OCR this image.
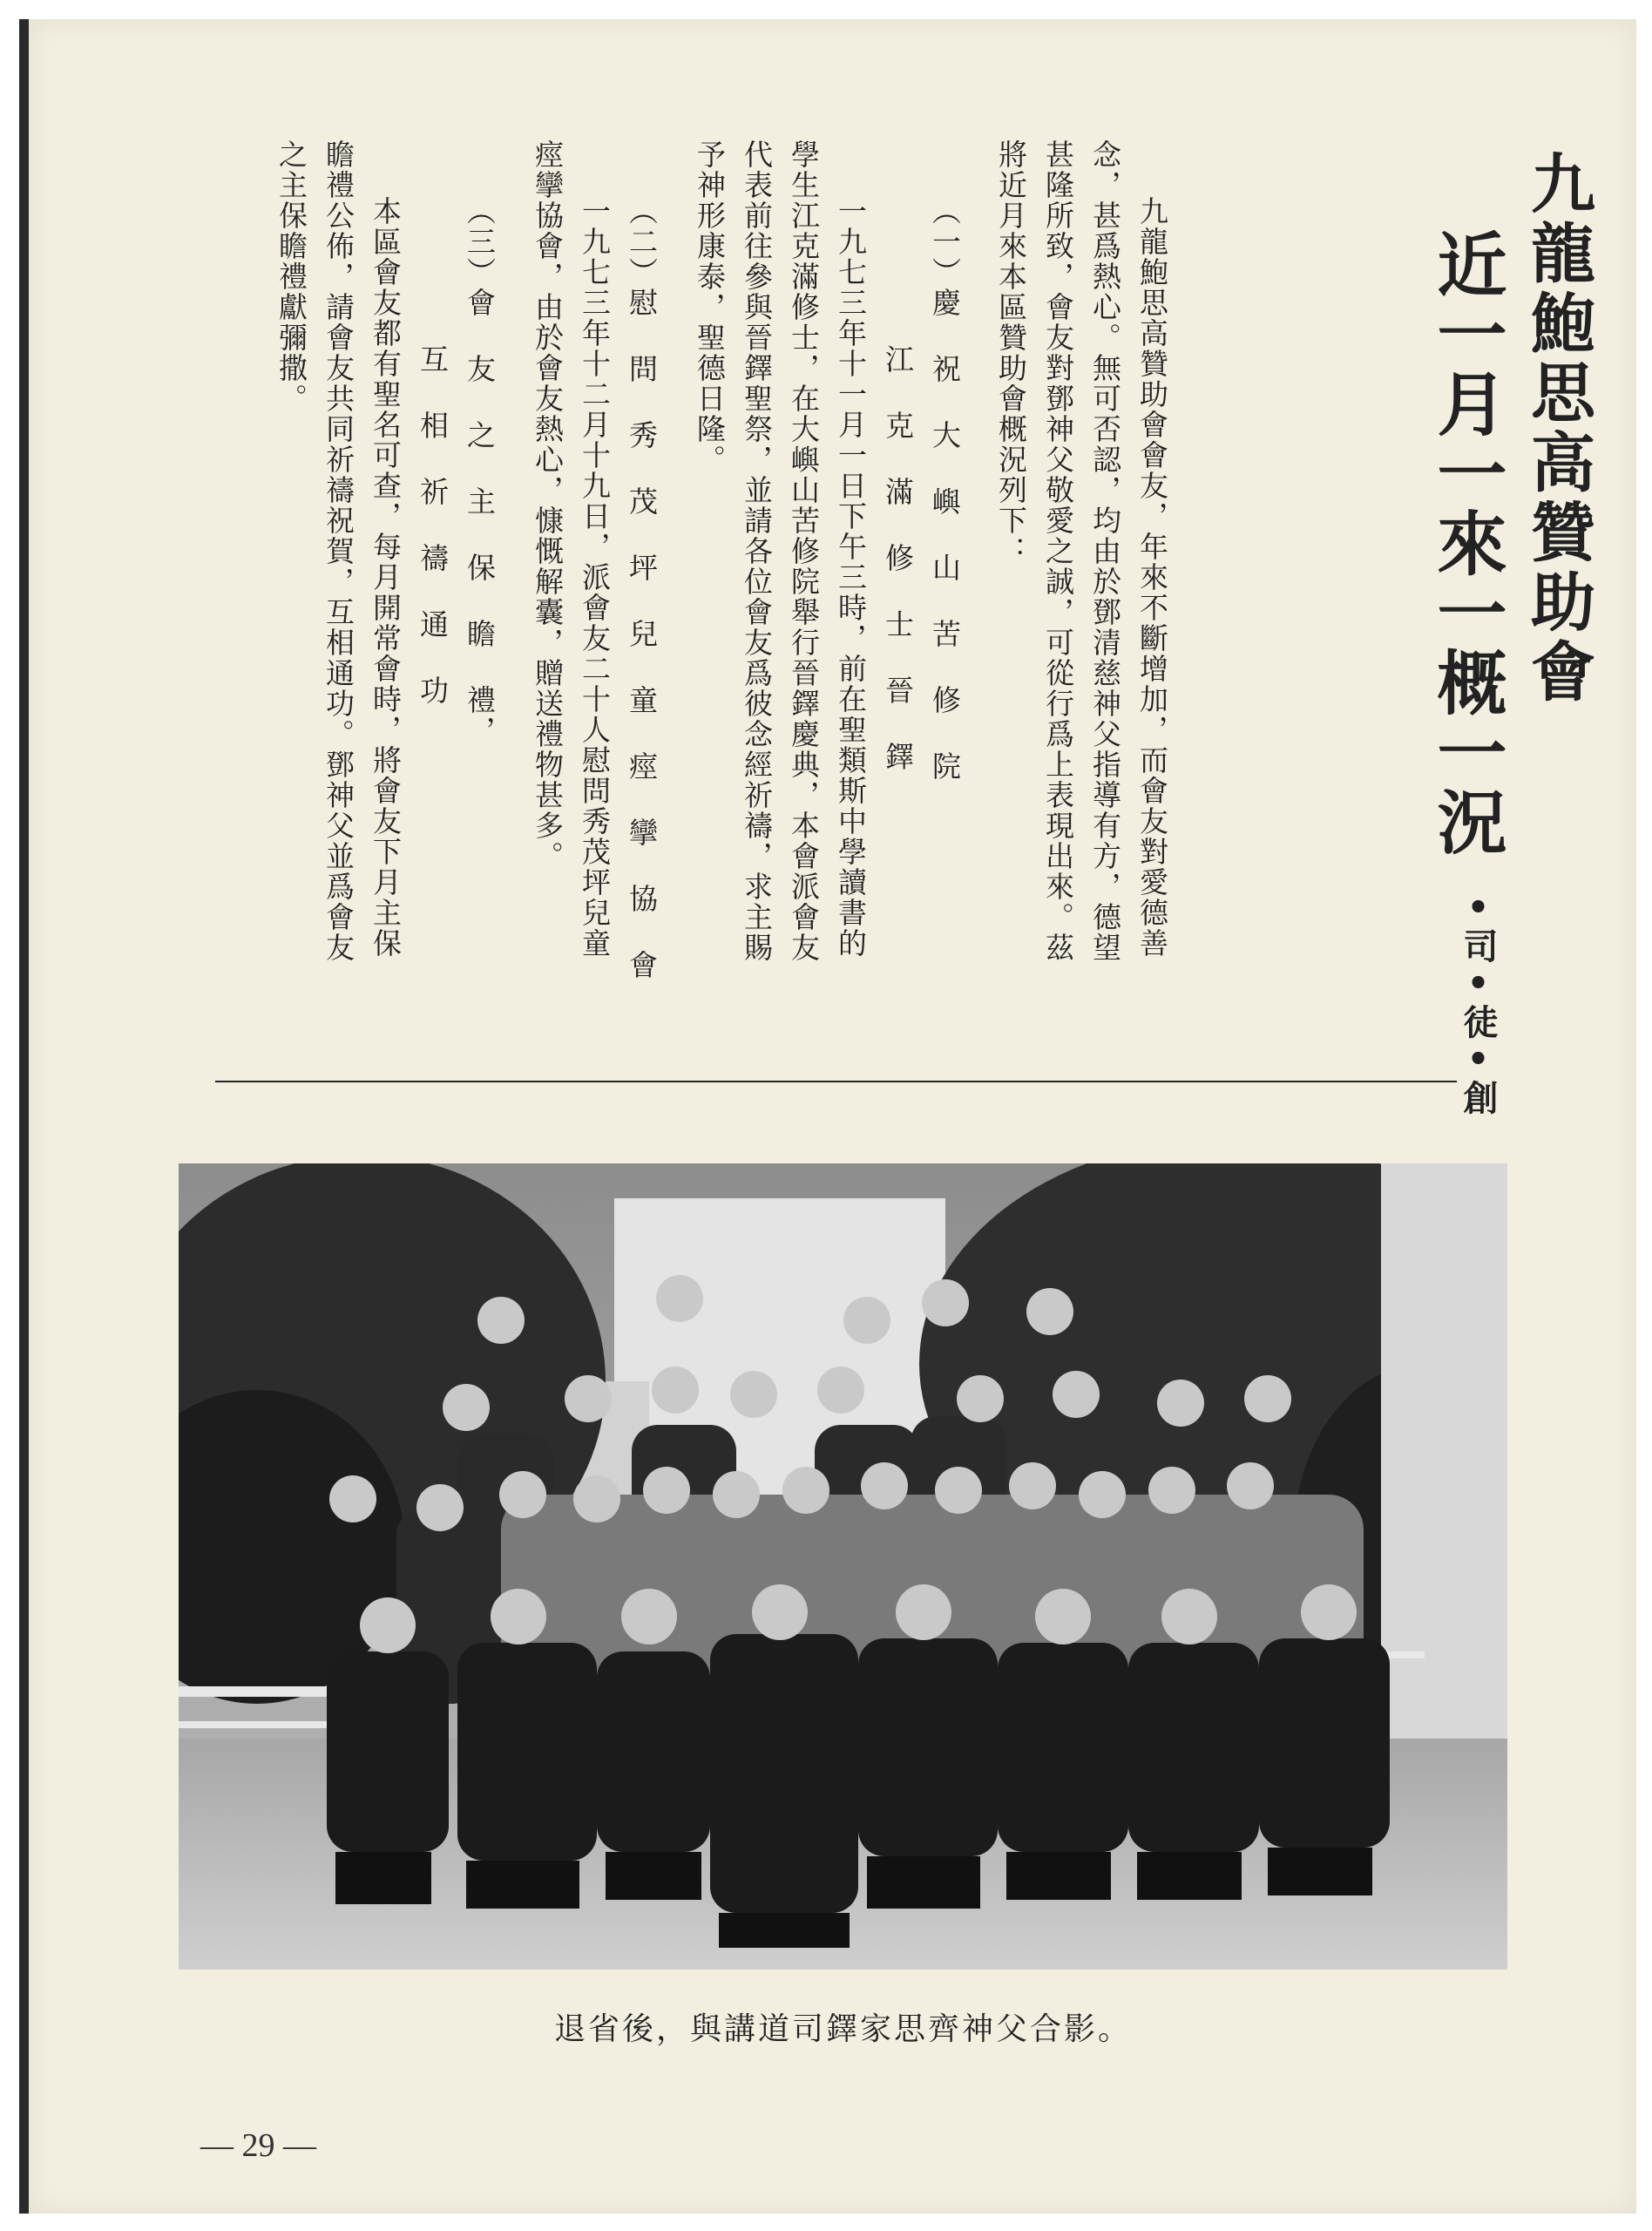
九龍鮑思高贊助會
近一月一來一概一況
•司•徒•創
九龍鮑思高贊助會會友，年來不斷增加，而會友對愛德善
念，甚爲熱心。無可否認，均由於鄧清慈神父指導有方，德望
甚隆所致，會友對鄧神父敬愛之誠，可從行爲上表現出來。茲
將近月來本區贊助會概況列下：
（一）慶 祝 大 嶼 山 苦 修 院
江 克 滿 修 士 晉 鐸
一九七三年十一月一日下午三時，前在聖類斯中學讀書的
學生江克滿修士，在大嶼山苦修院舉行晉鐸慶典，本會派會友
代表前往參與晉鐸聖祭，並請各位會友爲彼念經祈禱，求主賜
予神形康泰，聖德日隆。
（二）慰 問 秀 茂 坪 兒 童 痙 攣 協 會
一九七三年十二月十九日，派會友二十人慰問秀茂坪兒童
痙攣協會，由於會友熱心，慷慨解囊，贈送禮物甚多。
（三）會 友 之 主 保 瞻 禮，
互 相 祈 禱 通 功
本區會友都有聖名可查，每月開常會時，將會友下月主保
瞻禮公佈，請會友共同祈禱祝賀，互相通功。鄧神父並爲會友
之主保瞻禮獻彌撒。
退省後，與講道司鐸家思齊神父合影。
— 29 —
